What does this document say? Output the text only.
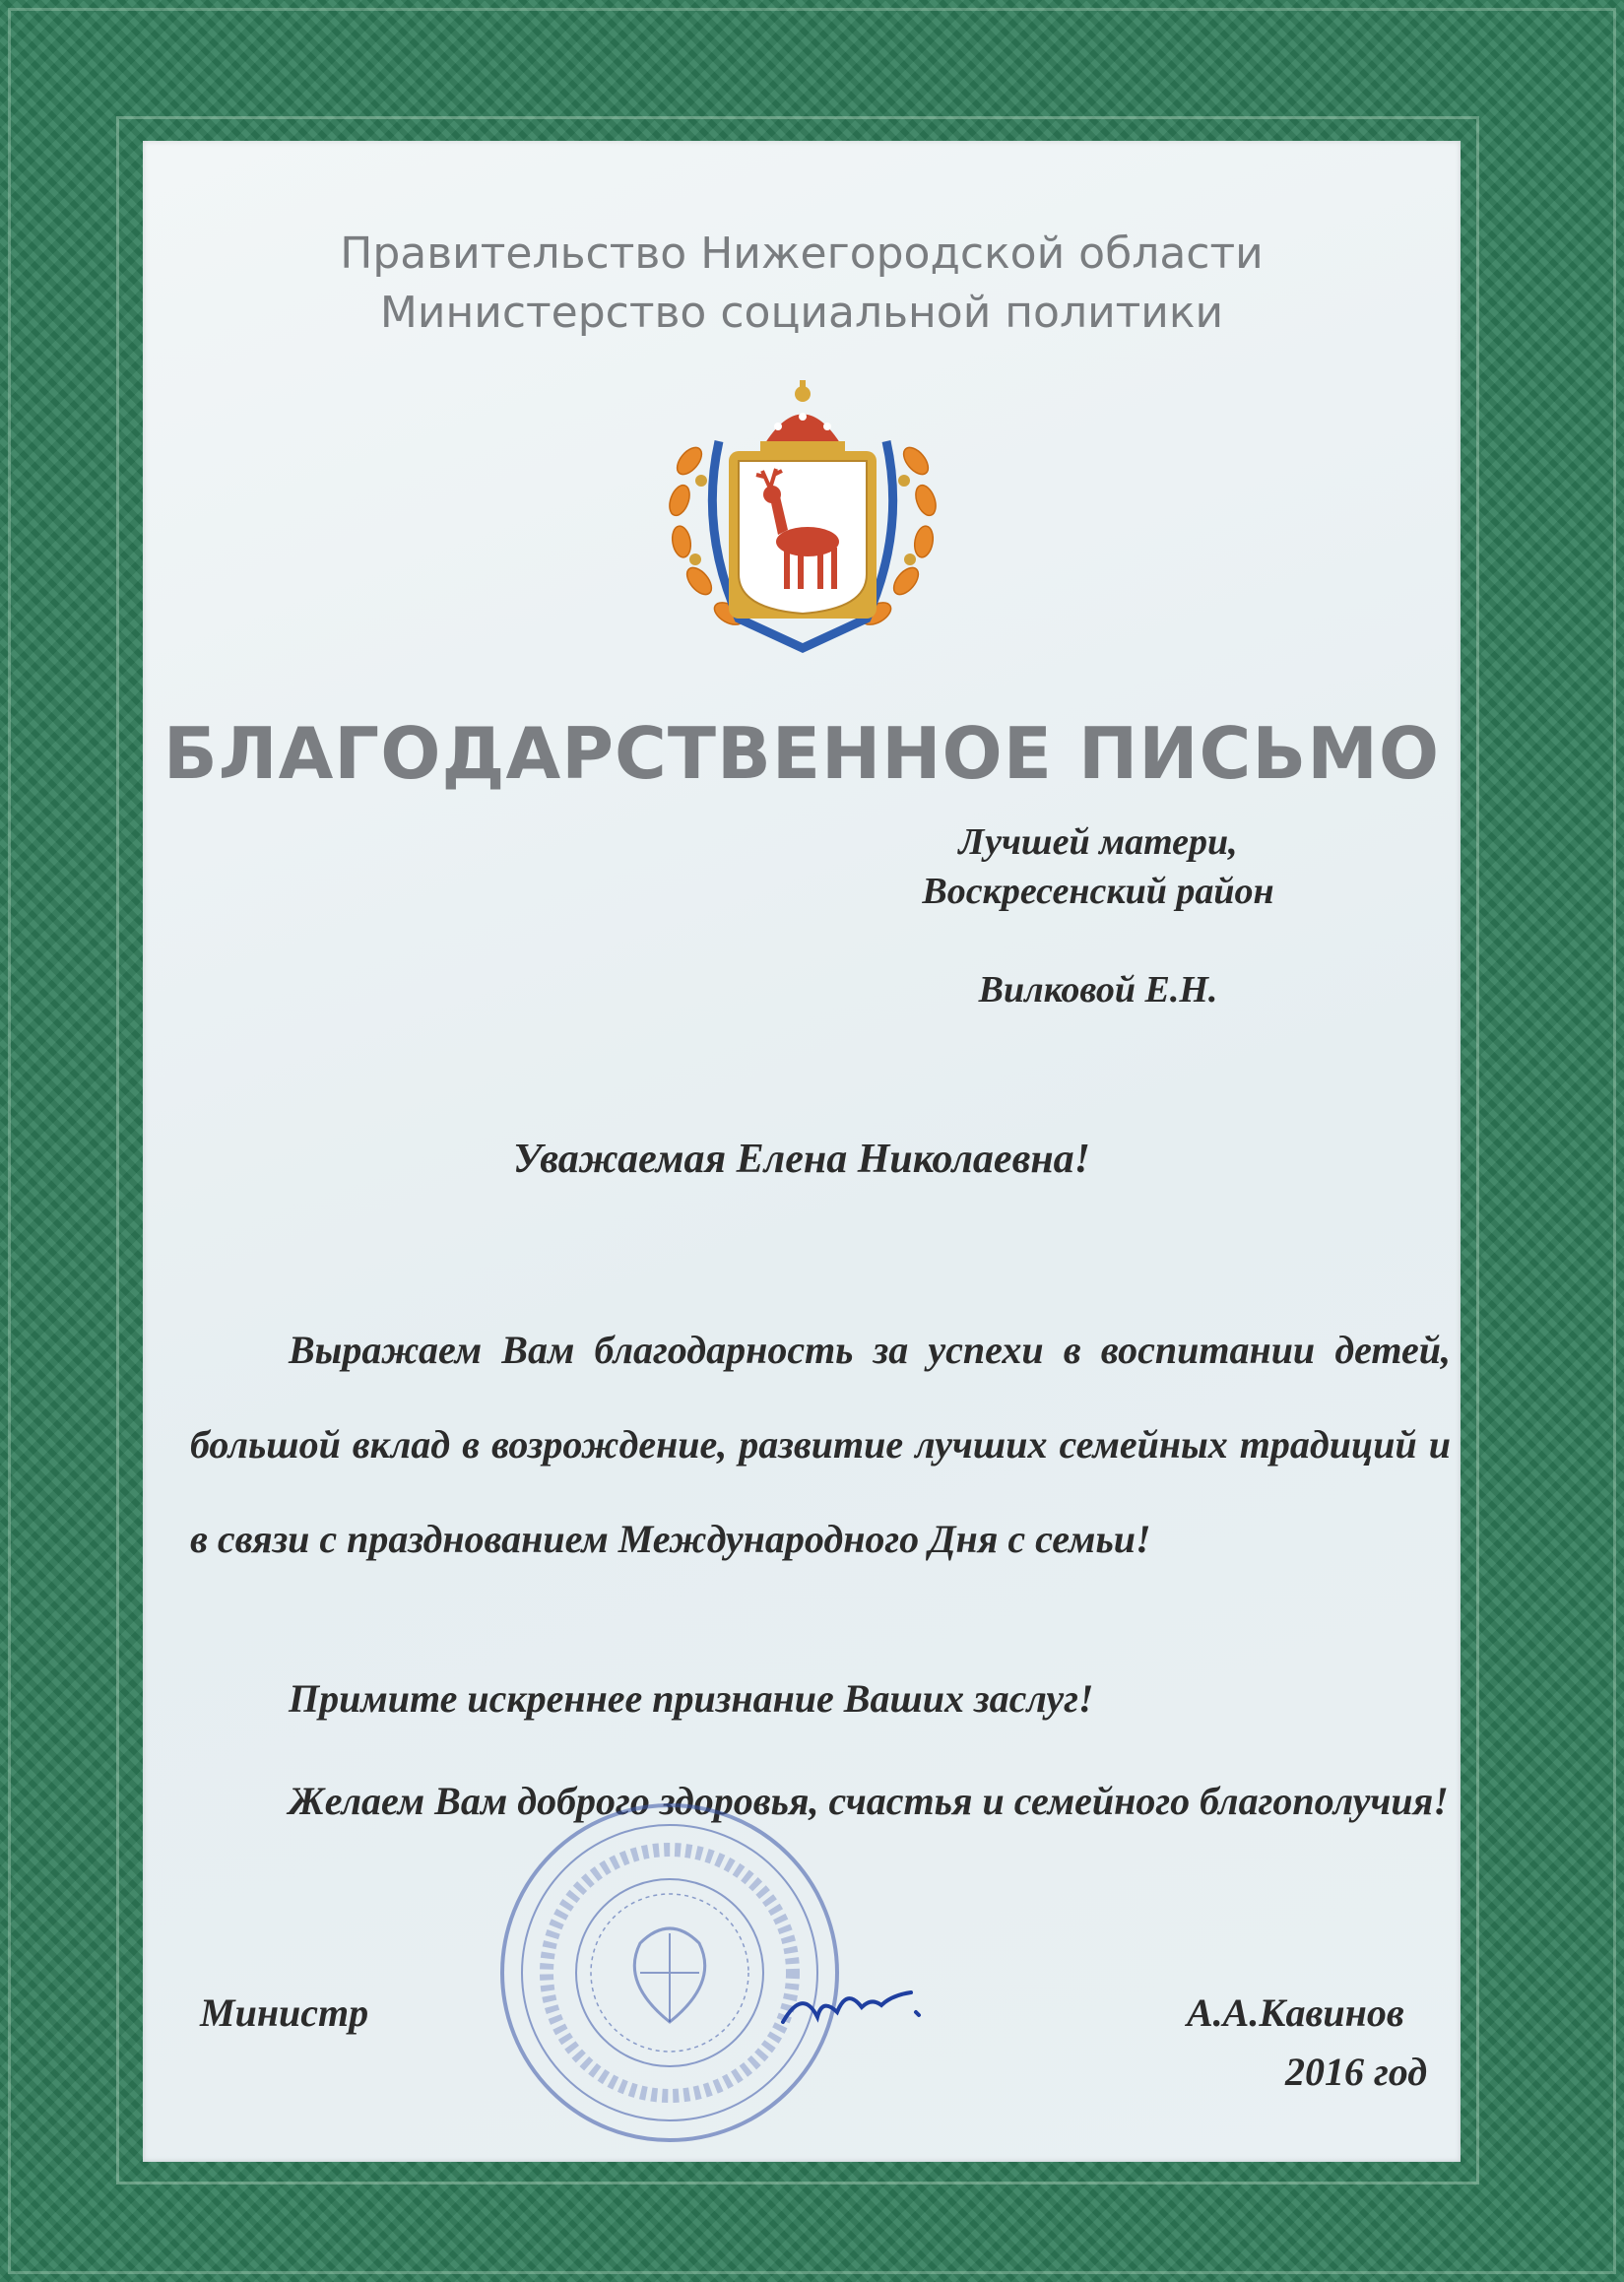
Правительство Нижегородской области
Министерство социальной политики
БЛАГОДАРСТВЕННОЕ ПИСЬМО
Лучшей матери,
Воскресенский район
Вилковой Е.Н.
Уважаемая Елена Николаевна!
Выражаем Вам благодарность за успехи в воспитании детей, большой вклад в возрождение, развитие лучших семейных традиций и в связи с празднованием Международного Дня с семьи!
Примите искреннее признание Ваших заслуг!
Желаем Вам доброго здоровья, счастья и семейного благополучия!
Министр	А.А.Кавинов
2016 год
